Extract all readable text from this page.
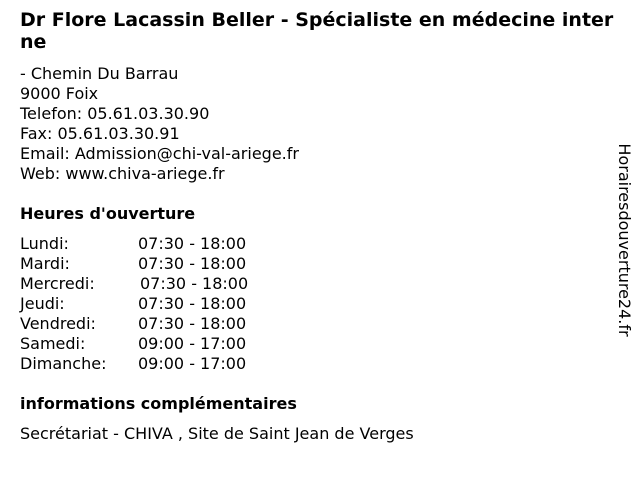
Dr Flore Lacassin Beller - Spécialiste en médecine interne
- Chemin Du Barrau
9000 Foix
Telefon: 05.61.03.30.90
Fax: 05.61.03.30.91
Email: Admission@chi-val-ariege.fr
Web: www.chiva-ariege.fr
Heures d'ouverture
Lundi:	07:30 - 18:00
Mardi:	07:30 - 18:00
Mercredi:	07:30 - 18:00
Jeudi:	07:30 - 18:00
Vendredi:	07:30 - 18:00
Samedi:	09:00 - 17:00
Dimanche: 09:00 - 17:00
informations complémentaires
Secrétariat - CHIVA , Site de Saint Jean de Verges
Horairesdouverture24.fr
